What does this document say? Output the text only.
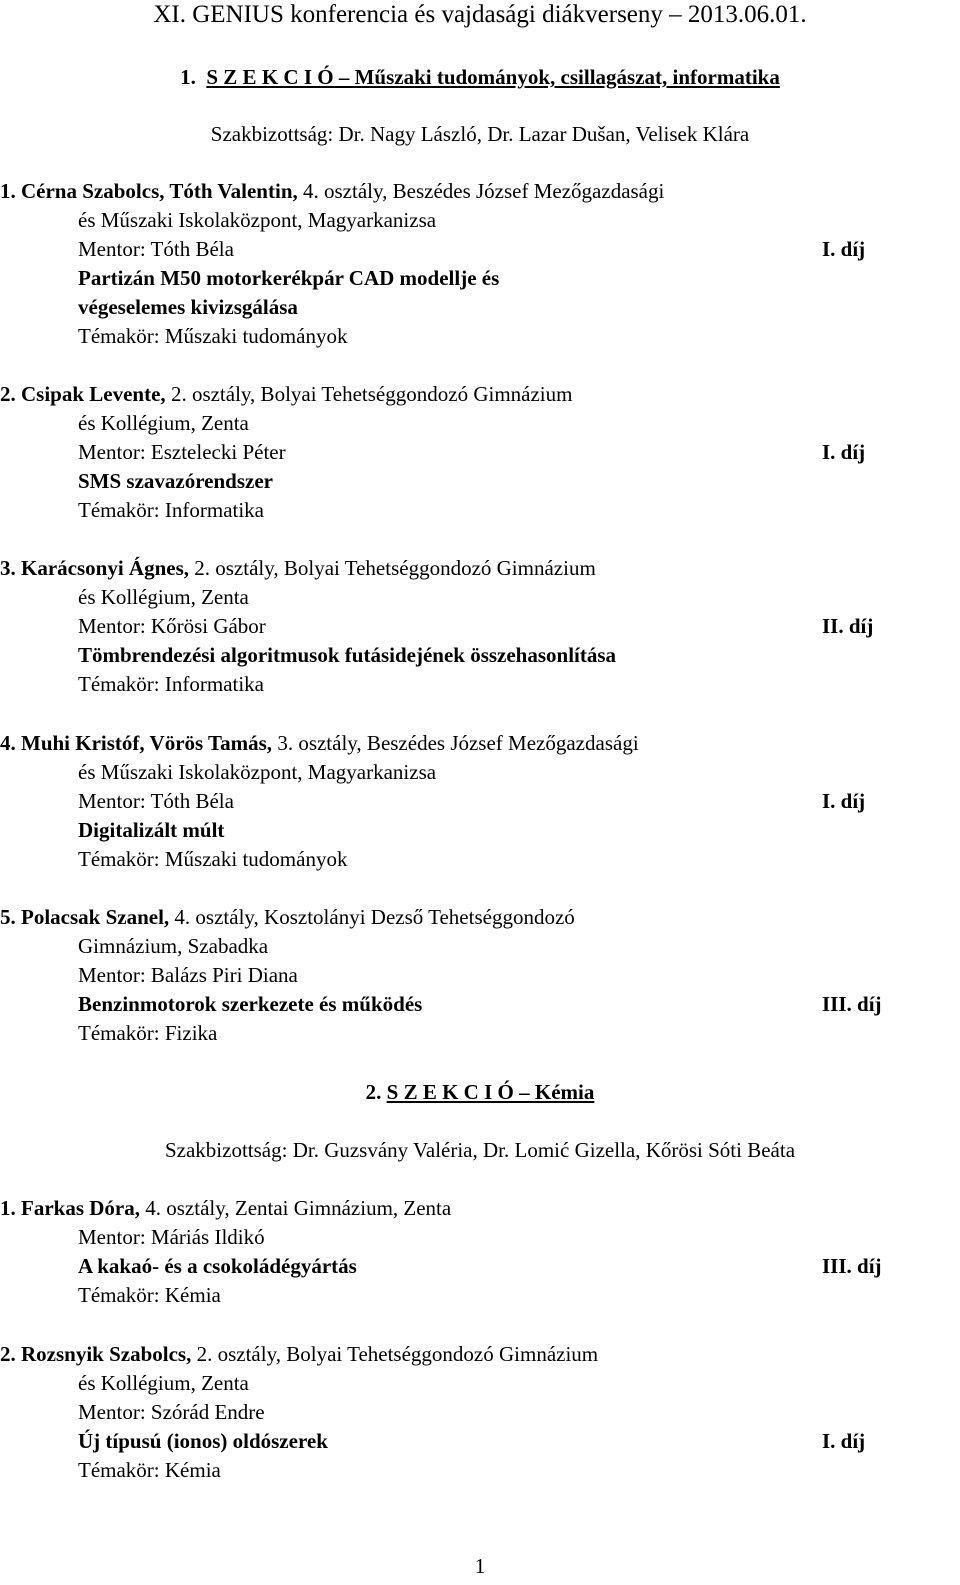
XI. GENIUS konferencia és vajdasági diákverseny – 2013.06.01.
1. S Z E K C I Ó – Műszaki tudományok, csillagászat, informatika
Szakbizottság: Dr. Nagy László, Dr. Lazar Dušan, Velisek Klára
1. Cérna Szabolcs, Tóth Valentin, 4. osztály, Beszédes József Mezőgazdasági
és Műszaki Iskolaközpont, Magyarkanizsa
Mentor: Tóth Béla	I. díj
Partizán M50 motorkerékpár CAD modellje és
végeselemes kivizsgálása
Témakör: Műszaki tudományok
2. Csipak Levente, 2. osztály, Bolyai Tehetséggondozó Gimnázium
és Kollégium, Zenta
Mentor: Esztelecki Péter	I. díj
SMS szavazórendszer
Témakör: Informatika
3. Karácsonyi Ágnes, 2. osztály, Bolyai Tehetséggondozó Gimnázium
és Kollégium, Zenta
Mentor: Kőrösi Gábor	II. díj
Tömbrendezési algoritmusok futásidejének összehasonlítása
Témakör: Informatika
4. Muhi Kristóf, Vörös Tamás, 3. osztály, Beszédes József Mezőgazdasági
és Műszaki Iskolaközpont, Magyarkanizsa
Mentor: Tóth Béla	I. díj
Digitalizált múlt
Témakör: Műszaki tudományok
5. Polacsak Szanel, 4. osztály, Kosztolányi Dezső Tehetséggondozó
Gimnázium, Szabadka
Mentor: Balázs Piri Diana
Benzinmotorok szerkezete és működés	III. díj
Témakör: Fizika
2. S Z E K C I Ó – Kémia
Szakbizottság: Dr. Guzsvány Valéria, Dr. Lomić Gizella, Kőrösi Sóti Beáta
1. Farkas Dóra, 4. osztály, Zentai Gimnázium, Zenta
Mentor: Máriás Ildikó
A kakaó- és a csokoládégyártás	III. díj
Témakör: Kémia
2. Rozsnyik Szabolcs, 2. osztály, Bolyai Tehetséggondozó Gimnázium
és Kollégium, Zenta
Mentor: Szórád Endre
Új típusú (ionos) oldószerek	I. díj
Témakör: Kémia
1
